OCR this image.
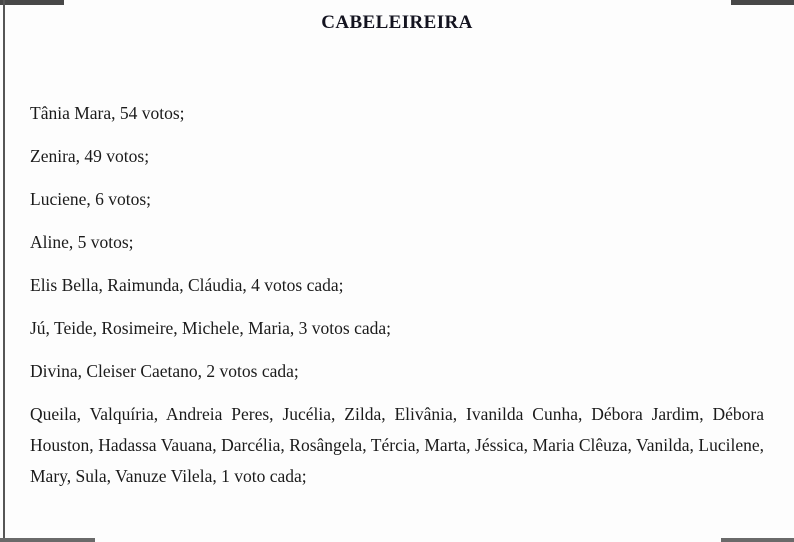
CABELEIREIRA

Tânia Mara, 54 votos;

Zenira, 49 votos;

Luciene, 6 votos;

Aline, 5 votos;

Elis Bella, Raimunda, Cláudia, 4 votos cada;

Jú, Teide, Rosimeire, Michele, Maria, 3 votos cada;

Divina, Cleiser Caetano, 2 votos cada;

Queila, Valquíria, Andreia Peres, Jucélia, Zilda, Elivânia, Ivanilda Cunha, Débora Jardim, Débora Houston, Hadassa Vauana, Darcélia, Rosângela, Tércia, Marta, Jéssica, Maria Clêuza, Vanilda, Lucilene, Mary, Sula, Vanuze Vilela, 1 voto cada;
